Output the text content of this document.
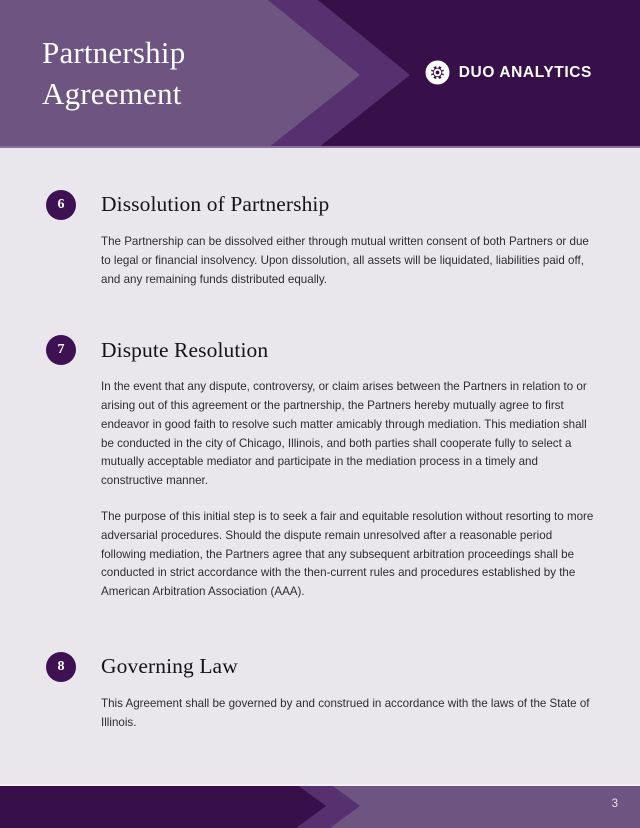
Partnership
Agreement
DUO ANALYTICS
6	Dissolution of Partnership

The Partnership can be dissolved either through mutual written consent of both Partners or due to legal or financial insolvency. Upon dissolution, all assets will be liquidated, liabilities paid off, and any remaining funds distributed equally.

7	Dispute Resolution

In the event that any dispute, controversy, or claim arises between the Partners in relation to or arising out of this agreement or the partnership, the Partners hereby mutually agree to first endeavor in good faith to resolve such matter amicably through mediation. This mediation shall be conducted in the city of Chicago, Illinois, and both parties shall cooperate fully to select a mutually acceptable mediator and participate in the mediation process in a timely and constructive manner.

The purpose of this initial step is to seek a fair and equitable resolution without resorting to more adversarial procedures. Should the dispute remain unresolved after a reasonable period following mediation, the Partners agree that any subsequent arbitration proceedings shall be conducted in strict accordance with the then-current rules and procedures established by the American Arbitration Association (AAA).

8	Governing Law

This Agreement shall be governed by and construed in accordance with the laws of the State of Illinois.

3
